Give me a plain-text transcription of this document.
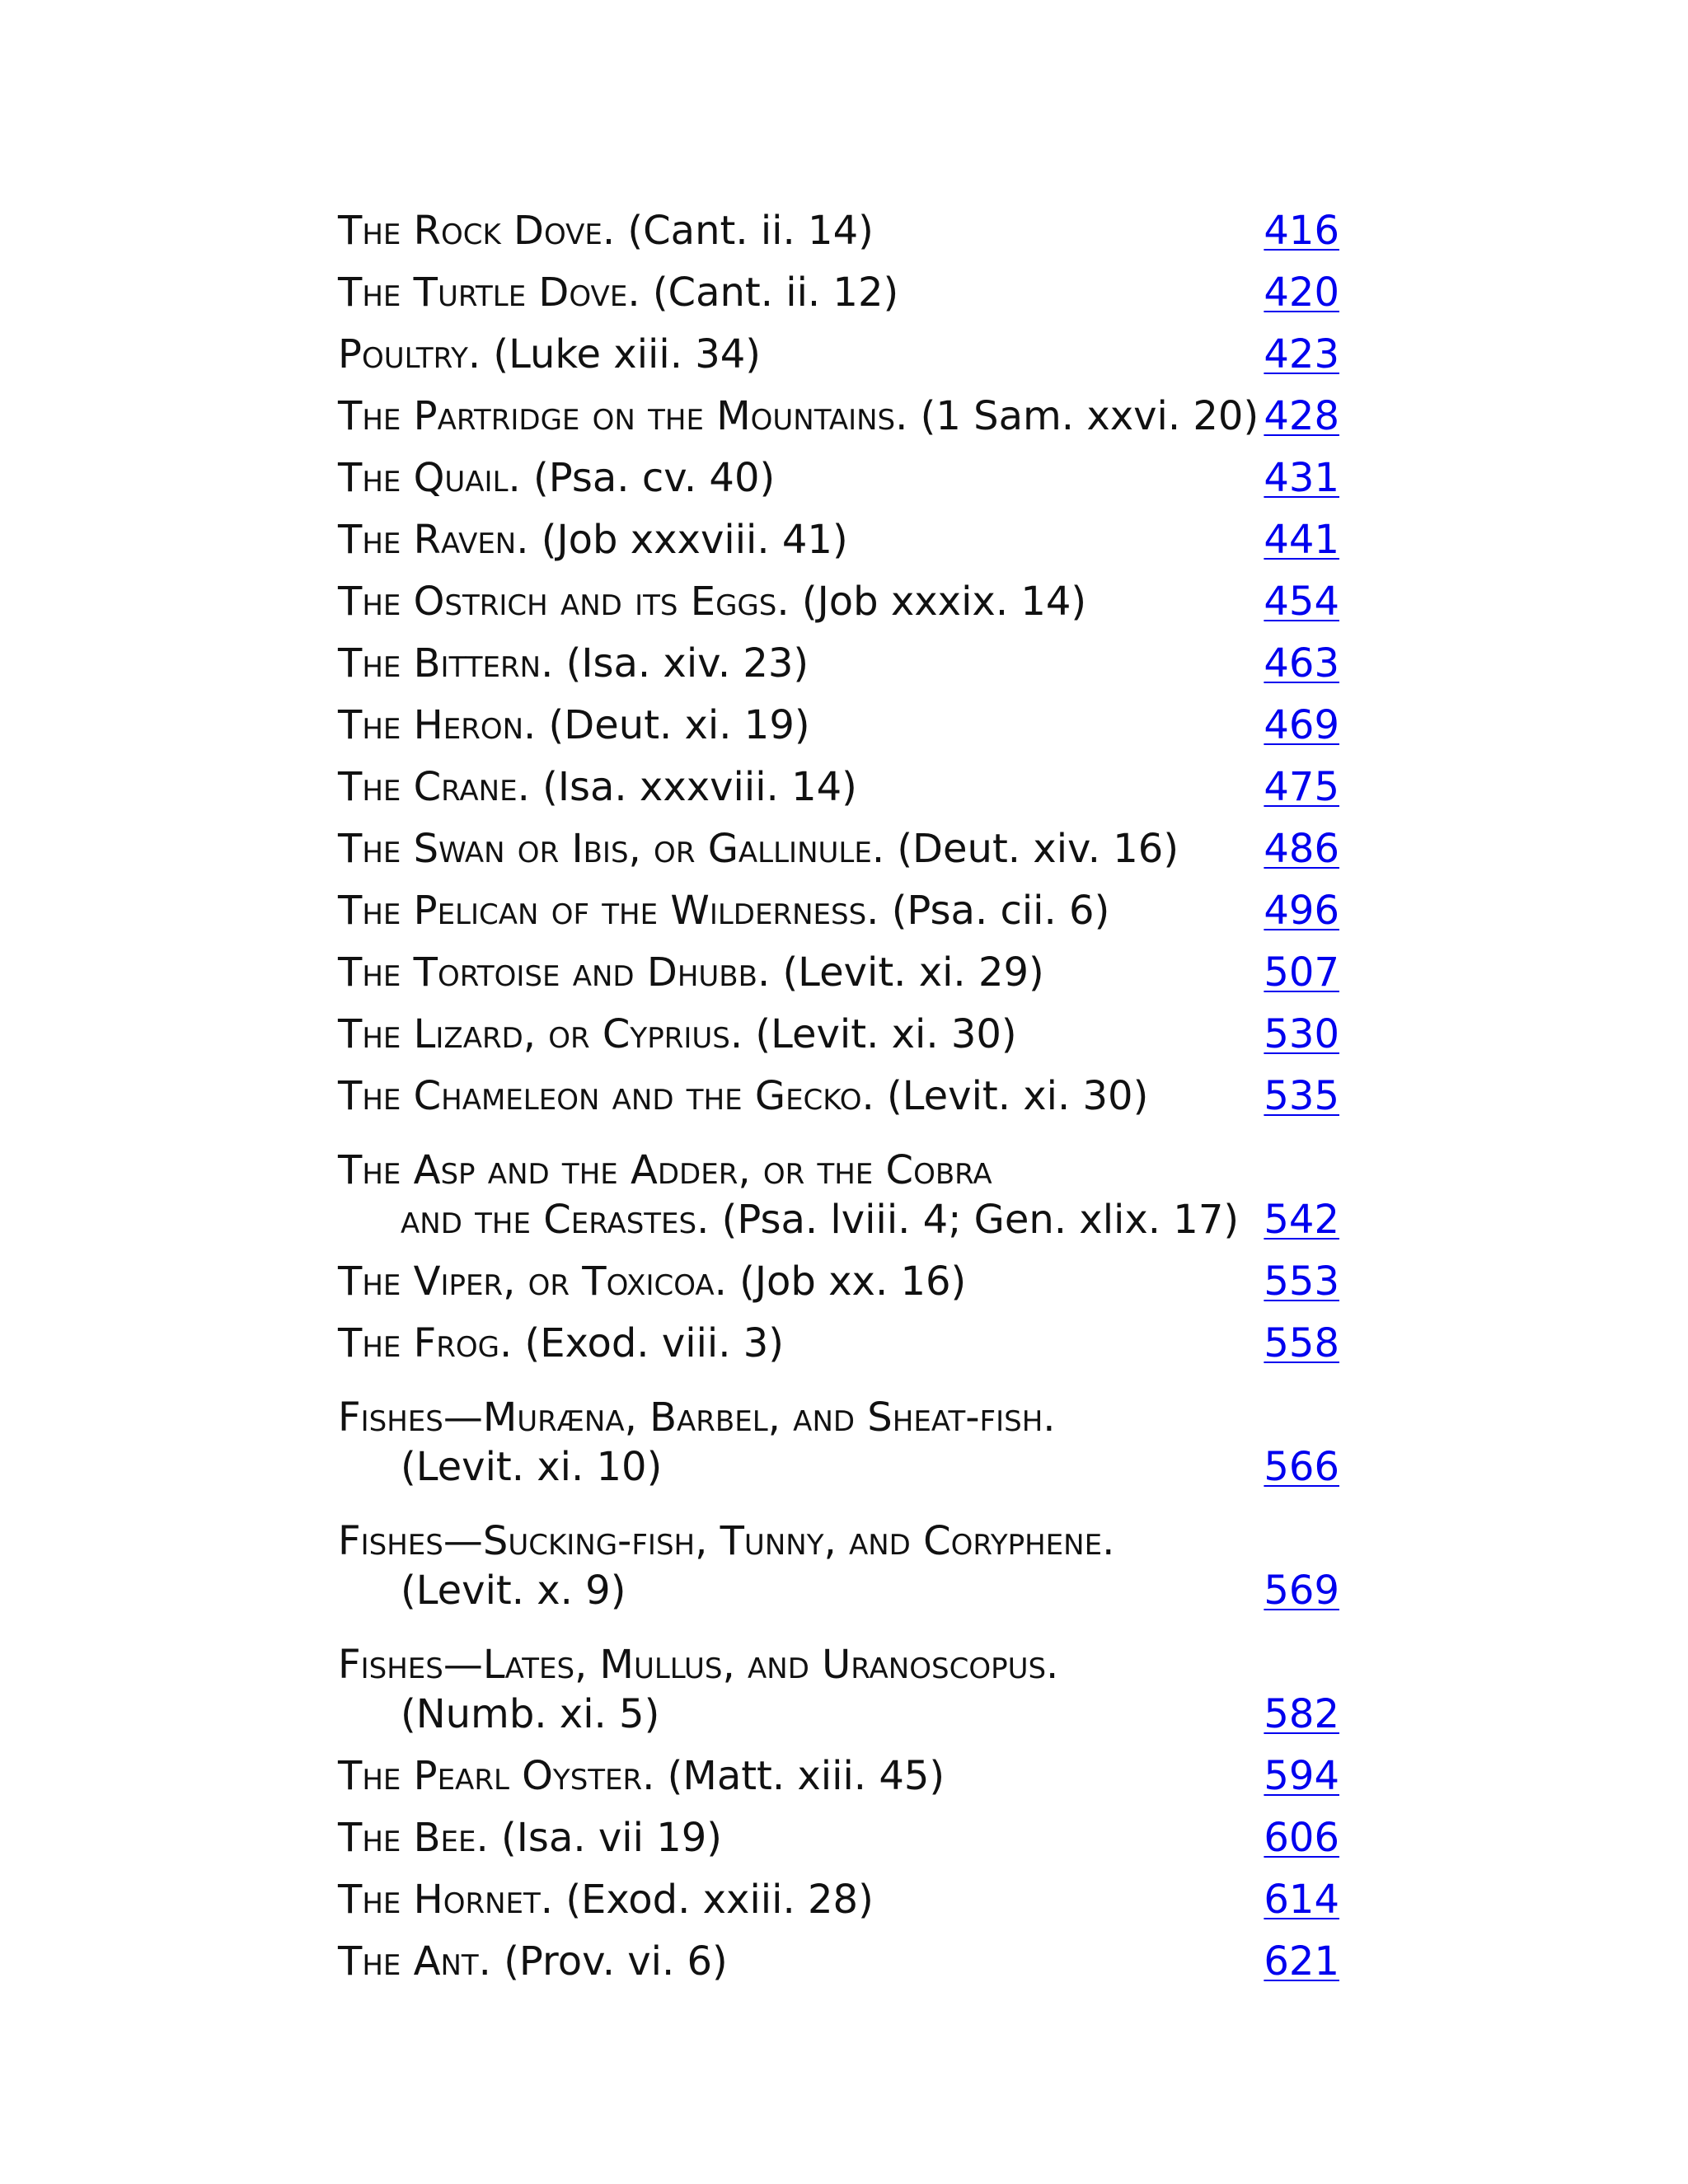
The Rock Dove. (Cant. ii. 14)	416
The Turtle Dove. (Cant. ii. 12)	420
Poultry. (Luke xiii. 34)	423
The Partridge on the Mountains. (1 Sam. xxvi. 20) 428
The Quail. (Psa. cv. 40)	431
The Raven. (Job xxxviii. 41)	441
The Ostrich and its Eggs. (Job xxxix. 14)	454
The Bittern. (Isa. xiv. 23)	463
The Heron. (Deut. xi. 19)	469
The Crane. (Isa. xxxviii. 14)	475
The Swan or Ibis, or Gallinule. (Deut. xiv. 16)	486
The Pelican of the Wilderness. (Psa. cii. 6)	496
The Tortoise and Dhubb. (Levit. xi. 29)	507
The Lizard, or Cyprius. (Levit. xi. 30)	530
The Chameleon and the Gecko. (Levit. xi. 30)	535
The Asp and the Adder, or the Cobra
and the Cerastes. (Psa. lviii. 4; Gen. xlix. 17) 542
The Viper, or Toxicoa. (Job xx. 16)	553
The Frog. (Exod. viii. 3)	558
Fishes—Muræna, Barbel, and Sheat-fish.
(Levit. xi. 10)	566
Fishes—Sucking-fish, Tunny, and Coryphene.
(Levit. x. 9)	569
Fishes—Lates, Mullus, and Uranoscopus.
(Numb. xi. 5)	582
The Pearl Oyster. (Matt. xiii. 45)	594
The Bee. (Isa. vii 19)	606
The Hornet. (Exod. xxiii. 28)	614
The Ant. (Prov. vi. 6)	621
